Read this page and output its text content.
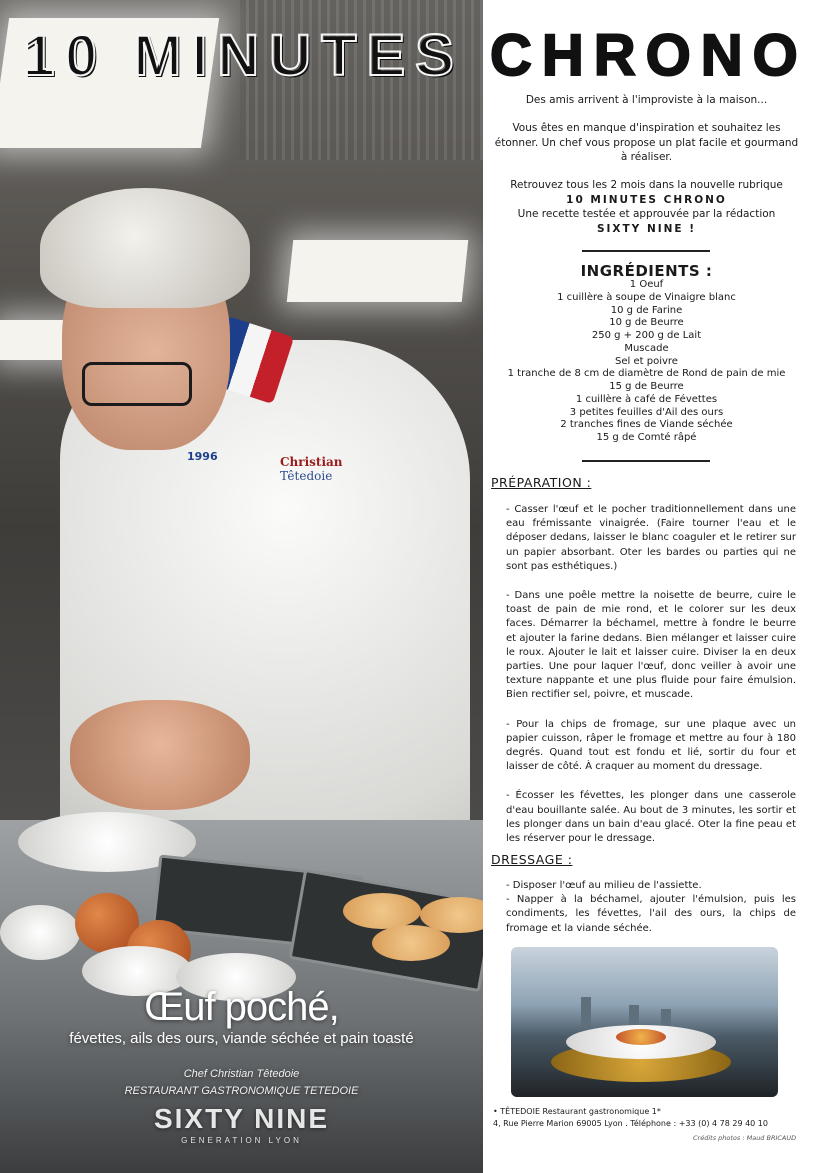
1996	Christian
Têtedoie
Œuf poché,
févettes, ails des ours, viande séchée et pain toasté
Chef Christian Têtedoie
RESTAURANT GASTRONOMIQUE TETEDOIE
SIXTY NINE
GENERATION LYON
10 MINUTES CHRONO
Des amis arrivent à l'improviste à la maison...
Vous êtes en manque d'inspiration et souhaitez les étonner. Un chef vous propose un plat facile et gourmand à réaliser.
Retrouvez tous les 2 mois dans la nouvelle rubrique
10 MINUTES CHRONO
Une recette testée et approuvée par la rédaction
SIXTY NINE !
INGRÉDIENTS :
1 Oeuf
1 cuillère à soupe de Vinaigre blanc
10 g de Farine
10 g de Beurre
250 g + 200 g de Lait
Muscade
Sel et poivre
1 tranche de 8 cm de diamètre de Rond de pain de mie
15 g de Beurre
1 cuillère à café de Févettes
3 petites feuilles d'Ail des ours
2 tranches fines de Viande séchée
15 g de Comté râpé
PRÉPARATION :

- Casser l'œuf et le pocher traditionnellement dans une eau frémissante vinaigrée. (Faire tourner l'eau et le déposer dedans, laisser le blanc coaguler et le retirer sur un papier absorbant. Oter les bardes ou parties qui ne sont pas esthétiques.)

- Dans une poêle mettre la noisette de beurre, cuire le toast de pain de mie rond, et le colorer sur les deux faces. Démarrer la béchamel, mettre à fondre le beurre et ajouter la farine dedans. Bien mélanger et laisser cuire le roux. Ajouter le lait et laisser cuire. Diviser la en deux parties. Une pour laquer l'œuf, donc veiller à avoir une texture nappante et une plus fluide pour faire émulsion. Bien rectifier sel, poivre, et muscade.

- Pour la chips de fromage, sur une plaque avec un papier cuisson, râper le fromage et mettre au four à 180 degrés. Quand tout est fondu et lié, sortir du four et laisser de côté. À craquer au moment du dressage.

- Écosser les févettes, les plonger dans une casserole d'eau bouillante salée. Au bout de 3 minutes, les sortir et les plonger dans un bain d'eau glacé. Oter la fine peau et les réserver pour le dressage.

DRESSAGE :

- Disposer l'œuf au milieu de l'assiette.

- Napper à la béchamel, ajouter l'émulsion, puis les condiments, les févettes, l'ail des ours, la chips de fromage et la viande séchée.

• TÊTEDOIE Restaurant gastronomique 1*
4, Rue Pierre Marion 69005 Lyon . Téléphone : +33 (0) 4 78 29 40 10
Crédits photos : Maud BRICAUD
